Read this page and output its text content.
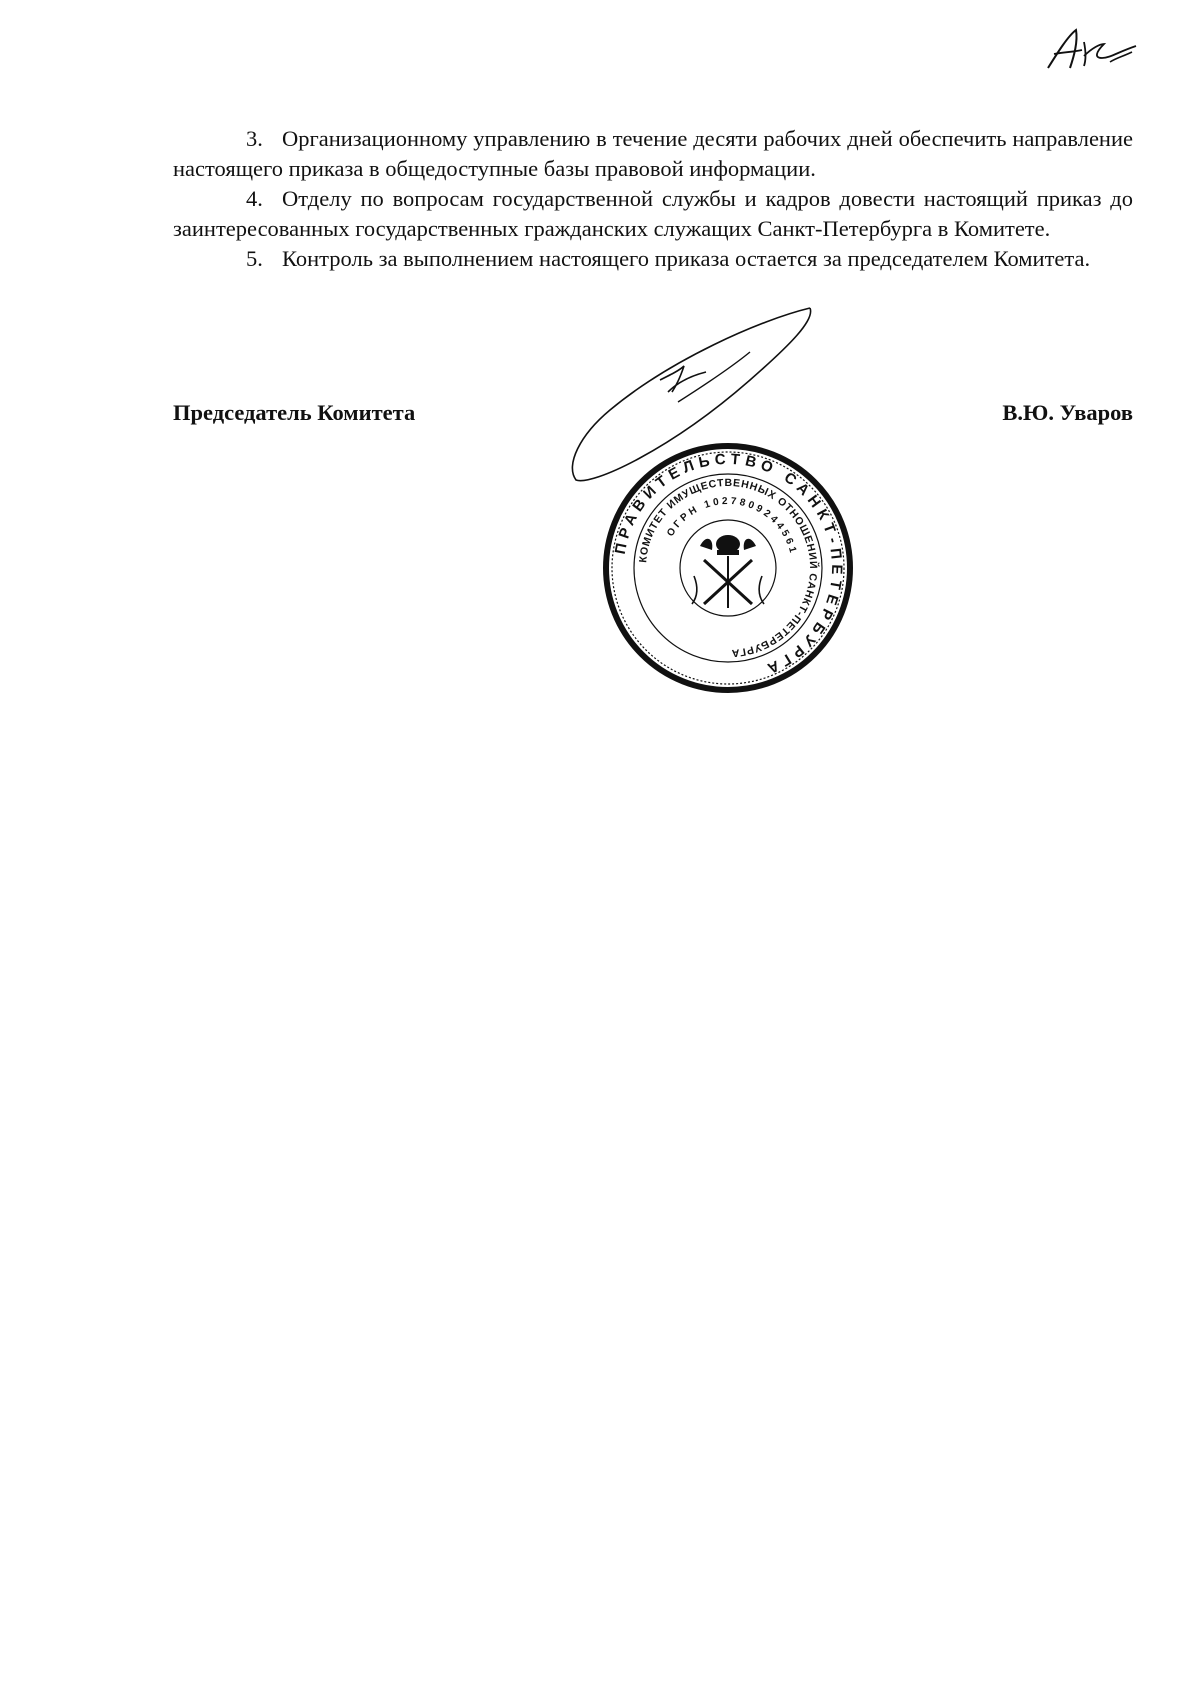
3. Организационному управлению в течение десяти рабочих дней обеспечить направление настоящего приказа в общедоступные базы правовой информации.

4. Отделу по вопросам государственной службы и кадров довести настоящий приказ до заинтересованных государственных гражданских служащих Санкт-Петербурга в Комитете.

5. Контроль за выполнением настоящего приказа остается за председателем Комитета.

Председатель Комитета	В.Ю. Уваров
ПРАВИТЕЛЬСТВО САНКТ-ПЕТЕРБУРГА
КОМИТЕТ ИМУЩЕСТВЕННЫХ ОТНОШЕНИЙ САНКТ-ПЕТЕРБУРГА
ОГРН 1027809244561
